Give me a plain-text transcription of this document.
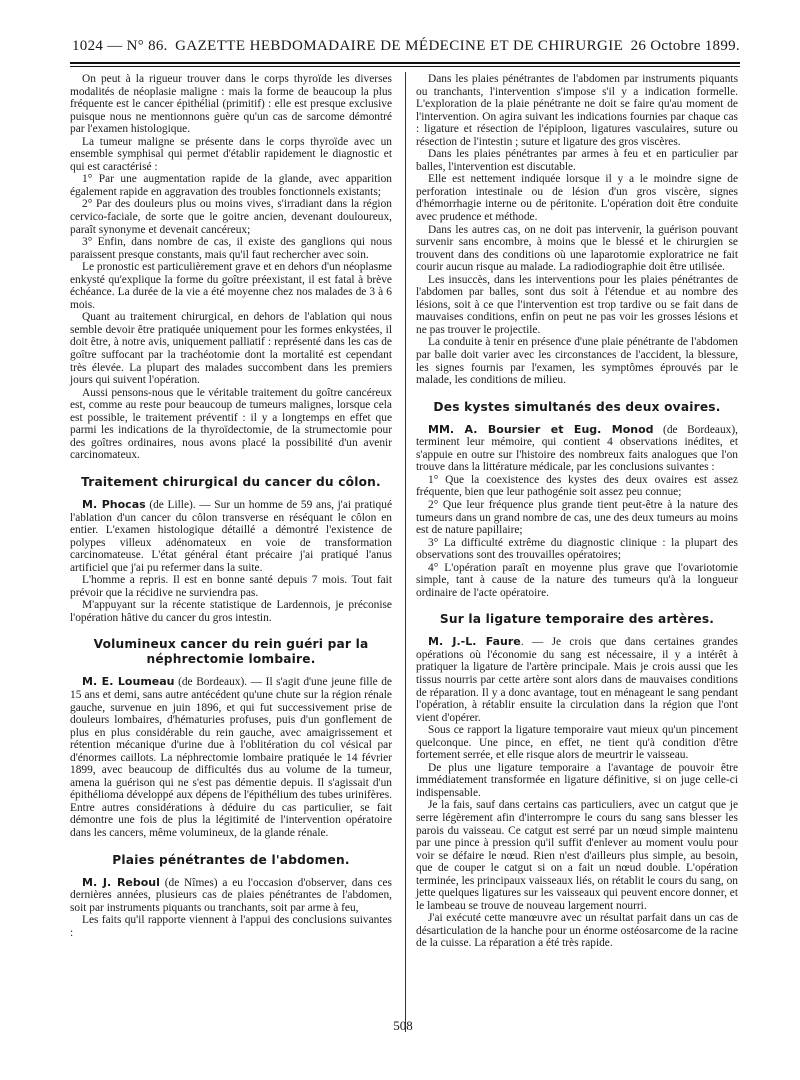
1024 — N° 86. GAZETTE HEBDOMADAIRE DE MÉDECINE ET DE CHIRURGIE 26 Octobre 1899.

On peut à la rigueur trouver dans le corps thyroïde les diverses modalités de néoplasie maligne : mais la forme de beaucoup la plus fréquente est le cancer épithélial (primitif) : elle est presque exclusive puisque nous ne mentionnons guère qu'un cas de sarcome démontré par l'examen histologique.

La tumeur maligne se présente dans le corps thyroïde avec un ensemble symphisal qui permet d'établir rapidement le diagnostic et qui est caractérisé :

1° Par une augmentation rapide de la glande, avec apparition également rapide en aggravation des troubles fonctionnels existants;

2° Par des douleurs plus ou moins vives, s'irradiant dans la région cervico-faciale, de sorte que le goitre ancien, devenant douloureux, paraît synonyme et devenait cancéreux;

3° Enfin, dans nombre de cas, il existe des ganglions qui nous paraissent presque constants, mais qu'il faut rechercher avec soin.

Le pronostic est particulièrement grave et en dehors d'un néoplasme enkysté qu'explique la forme du goître préexistant, il est fatal à brève échéance. La durée de la vie a été moyenne chez nos malades de 3 à 6 mois.

Quant au traitement chirurgical, en dehors de l'ablation qui nous semble devoir être pratiquée uniquement pour les formes enkystées, il doit être, à notre avis, uniquement palliatif : représenté dans les cas de goître suffocant par la trachéotomie dont la mortalité est cependant très élevée. La plupart des malades succombent dans les premiers jours qui suivent l'opération.

Aussi pensons-nous que le véritable traitement du goître cancéreux est, comme au reste pour beaucoup de tumeurs malignes, lorsque cela est possible, le traitement préventif : il y a longtemps en effet que parmi les indications de la thyroïdectomie, de la strumectomie pour des goîtres ordinaires, nous avons placé la possibilité d'un avenir carcinomateux.

Traitement chirurgical du cancer du côlon.

M. Phocas (de Lille). — Sur un homme de 59 ans, j'ai pratiqué l'ablation d'un cancer du côlon transverse en réséquant le côlon en entier. L'examen histologique détaillé a démontré l'existence de polypes villeux adénomateux en voie de transformation carcinomateuse. L'état général étant précaire j'ai pratiqué l'anus artificiel que j'ai pu refermer dans la suite.

L'homme a repris. Il est en bonne santé depuis 7 mois. Tout fait prévoir que la récidive ne surviendra pas.

M'appuyant sur la récente statistique de Lardennois, je préconise l'opération hâtive du cancer du gros intestin.

Volumineux cancer du rein guéri par la néphrectomie lombaire.

M. E. Loumeau (de Bordeaux). — Il s'agit d'une jeune fille de 15 ans et demi, sans autre antécédent qu'une chute sur la région rénale gauche, survenue en juin 1896, et qui fut successivement prise de douleurs lombaires, d'hématuries profuses, puis d'un gonflement de plus en plus considérable du rein gauche, avec amaigrissement et rétention mécanique d'urine due à l'oblitération du col vésical par d'énormes caillots. La néphrectomie lombaire pratiquée le 14 février 1899, avec beaucoup de difficultés dus au volume de la tumeur, amena la guérison qui ne s'est pas démentie depuis. Il s'agissait d'un épithélioma développé aux dépens de l'épithélium des tubes urinifères. Entre autres considérations à déduire du cas particulier, se fait démontre une fois de plus la légitimité de l'intervention opératoire dans les cancers, même volumineux, de la glande rénale.

Plaies pénétrantes de l'abdomen.

M. J. Reboul (de Nîmes) a eu l'occasion d'observer, dans ces dernières années, plusieurs cas de plaies pénétrantes de l'abdomen, soit par instruments piquants ou tranchants, soit par arme à feu,

Les faits qu'il rapporte viennent à l'appui des conclusions suivantes :

Dans les plaies pénétrantes de l'abdomen par instruments piquants ou tranchants, l'intervention s'impose s'il y a indication formelle. L'exploration de la plaie pénétrante ne doit se faire qu'au moment de l'intervention. On agira suivant les indications fournies par chaque cas : ligature et résection de l'épiploon, ligatures vasculaires, suture ou résection de l'intestin ; suture et ligature des gros viscères.

Dans les plaies pénétrantes par armes à feu et en particulier par balles, l'intervention est discutable.

Elle est nettement indiquée lorsque il y a le moindre signe de perforation intestinale ou de lésion d'un gros viscère, signes d'hémorrhagie interne ou de péritonite. L'opération doit être conduite avec prudence et méthode.

Dans les autres cas, on ne doit pas intervenir, la guérison pouvant survenir sans encombre, à moins que le blessé et le chirurgien se trouvent dans des conditions où une laparotomie exploratrice ne fait courir aucun risque au malade. La radiodiographie doit être utilisée.

Les insuccès, dans les interventions pour les plaies pénétrantes de l'abdomen par balles, sont dus soit à l'étendue et au nombre des lésions, soit à ce que l'intervention est trop tardive ou se fait dans de mauvaises conditions, enfin on peut ne pas voir les grosses lésions et ne pas trouver le projectile.

La conduite à tenir en présence d'une plaie pénétrante de l'abdomen par balle doit varier avec les circonstances de l'accident, la blessure, les signes fournis par l'examen, les symptômes éprouvés par le malade, les conditions de milieu.

Des kystes simultanés des deux ovaires.

MM. A. Boursier et Eug. Monod (de Bordeaux), terminent leur mémoire, qui contient 4 observations inédites, et s'appuie en outre sur l'histoire des nombreux faits analogues que l'on trouve dans la littérature médicale, par les conclusions suivantes :

1° Que la coexistence des kystes des deux ovaires est assez fréquente, bien que leur pathogénie soit assez peu connue;

2° Que leur fréquence plus grande tient peut-être à la nature des tumeurs dans un grand nombre de cas, une des deux tumeurs au moins est de nature papillaire;

3° La difficulté extrême du diagnostic clinique : la plupart des observations sont des trouvailles opératoires;

4° L'opération paraît en moyenne plus grave que l'ovariotomie simple, tant à cause de la nature des tumeurs qu'à la longueur ordinaire de l'acte opératoire.

Sur la ligature temporaire des artères.

M. J.-L. Faure. — Je crois que dans certaines grandes opérations où l'économie du sang est nécessaire, il y a intérêt à pratiquer la ligature de l'artère principale. Mais je crois aussi que les tissus nourris par cette artère sont alors dans de mauvaises conditions de réparation. Il y a donc avantage, tout en ménageant le sang pendant l'opération, à rétablir ensuite la circulation dans la région que l'ont vient d'opérer.

Sous ce rapport la ligature temporaire vaut mieux qu'un pincement quelconque. Une pince, en effet, ne tient qu'à condition d'être fortement serrée, et elle risque alors de meurtrir le vaisseau.

De plus une ligature temporaire a l'avantage de pouvoir être immédiatement transformée en ligature définitive, si on juge celle-ci indispensable.

Je la fais, sauf dans certains cas particuliers, avec un catgut que je serre légèrement afin d'interrompre le cours du sang sans blesser les parois du vaisseau. Ce catgut est serré par un nœud simple maintenu par une pince à pression qu'il suffit d'enlever au moment voulu pour voir se défaire le nœud. Rien n'est d'ailleurs plus simple, au besoin, que de couper le catgut si on a fait un nœud double. L'opération terminée, les principaux vaisseaux liés, on rétablit le cours du sang, on jette quelques ligatures sur les vaisseaux qui peuvent encore donner, et le lambeau se trouve de nouveau largement nourri.

J'ai exécuté cette manœuvre avec un résultat parfait dans un cas de désarticulation de la hanche pour un énorme ostéosarcome de la racine de la cuisse. La réparation a été très rapide.

508
